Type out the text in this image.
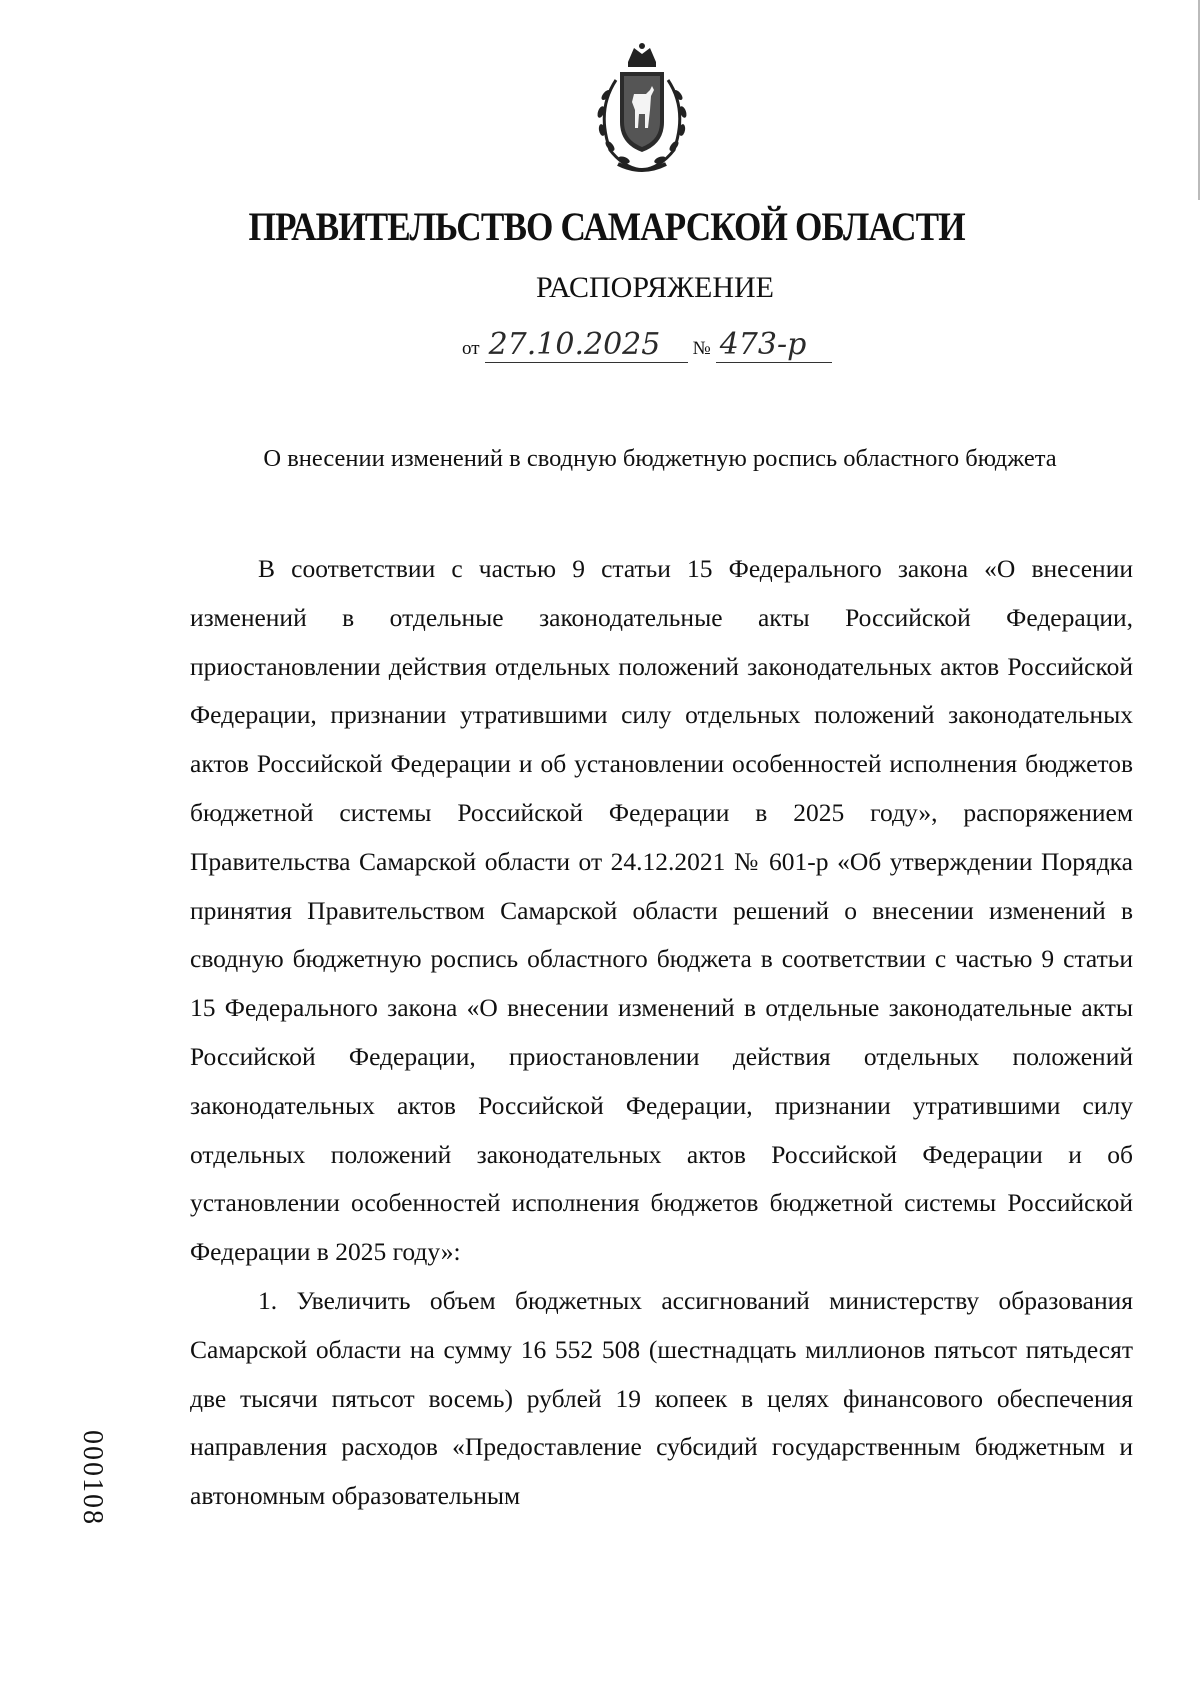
ПРАВИТЕЛЬСТВО САМАРСКОЙ ОБЛАСТИ
РАСПОРЯЖЕНИЕ
от 27.10.2025 № 473-р
О внесении изменений в сводную бюджетную роспись областного бюджета

В соответствии с частью 9 статьи 15 Федерального закона «О внесении изменений в отдельные законодательные акты Российской Федерации, приостановлении действия отдельных положений законодательных актов Российской Федерации, признании утратившими силу отдельных положений законодательных актов Российской Федерации и об установлении особенностей исполнения бюджетов бюджетной системы Российской Федерации в 2025 году», распоряжением Правительства Самарской области от 24.12.2021 № 601-р «Об утверждении Порядка принятия Правительством Самарской области решений о внесении изменений в сводную бюджетную роспись областного бюджета в соответствии с частью 9 статьи 15 Федерального закона «О внесении изменений в отдельные законодательные акты Российской Федерации, приостановлении действия отдельных положений законодательных актов Российской Федерации, признании утратившими силу отдельных положений законодательных актов Российской Федерации и об установлении особенностей исполнения бюджетов бюджетной системы Российской Федерации в 2025 году»:

1. Увеличить объем бюджетных ассигнований министерству образования Самарской области на сумму 16 552 508 (шестнадцать миллионов пятьсот пятьдесят две тысячи пятьсот восемь) рублей 19 копеек в целях финансового обеспечения направления расходов «Предоставление субсидий государственным бюджетным и автономным образовательным

000108
